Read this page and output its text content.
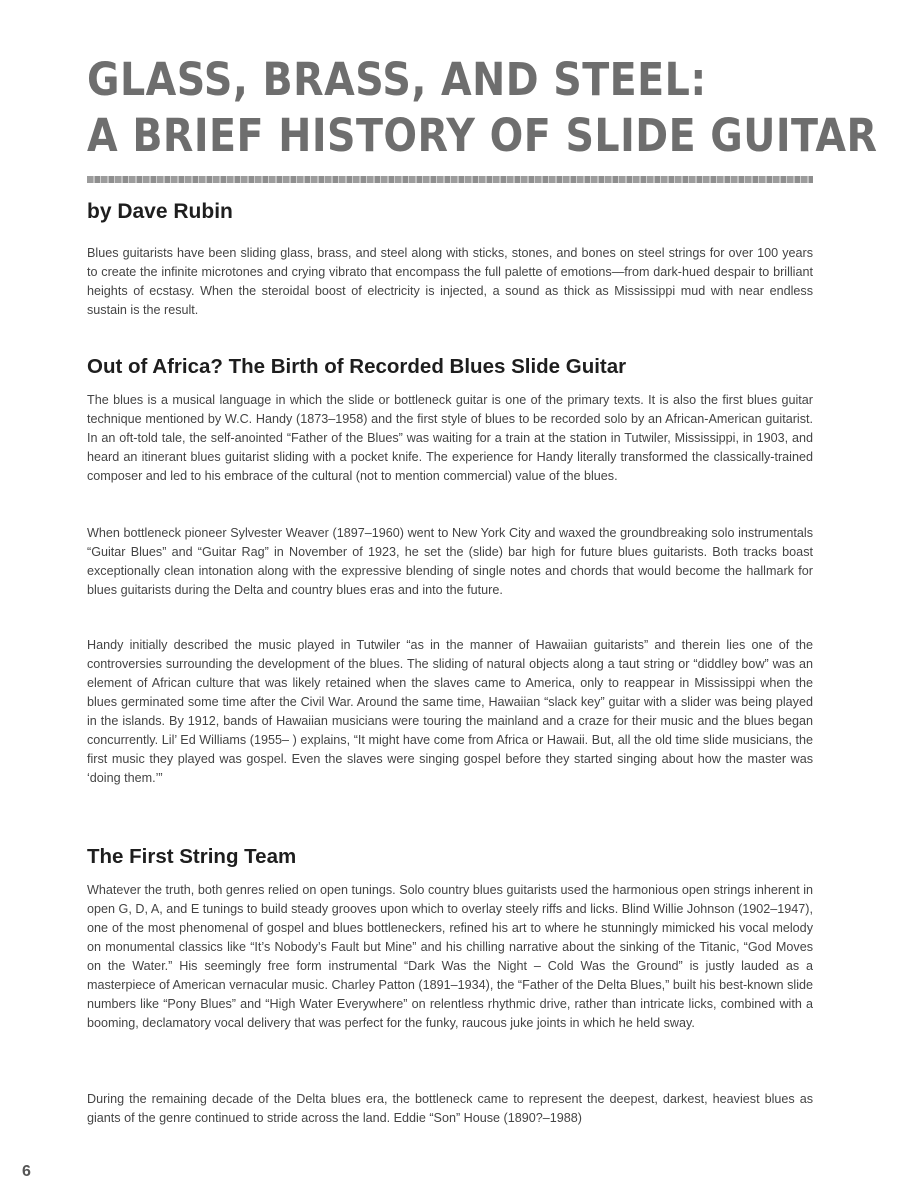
GLASS, BRASS, AND STEEL:
A BRIEF HISTORY OF SLIDE GUITAR
by Dave Rubin

Blues guitarists have been sliding glass, brass, and steel along with sticks, stones, and bones on steel strings for over 100 years to create the infinite microtones and crying vibrato that encompass the full palette of emotions—from dark-hued despair to brilliant heights of ecstasy. When the steroidal boost of electricity is injected, a sound as thick as Mississippi mud with near endless sustain is the result.

Out of Africa? The Birth of Recorded Blues Slide Guitar

The blues is a musical language in which the slide or bottleneck guitar is one of the primary texts. It is also the first blues guitar technique mentioned by W.C. Handy (1873–1958) and the first style of blues to be recorded solo by an African-American guitarist. In an oft-told tale, the self-anointed “Father of the Blues” was waiting for a train at the station in Tutwiler, Mississippi, in 1903, and heard an itinerant blues guitarist sliding with a pocket knife. The experience for Handy literally transformed the classically-trained composer and led to his embrace of the cultural (not to mention commercial) value of the blues.

When bottleneck pioneer Sylvester Weaver (1897–1960) went to New York City and waxed the groundbreaking solo instrumentals “Guitar Blues” and “Guitar Rag” in November of 1923, he set the (slide) bar high for future blues guitarists. Both tracks boast exceptionally clean intonation along with the expressive blending of single notes and chords that would become the hallmark for blues guitarists during the Delta and country blues eras and into the future.

Handy initially described the music played in Tutwiler “as in the manner of Hawaiian guitarists” and therein lies one of the controversies surrounding the development of the blues. The sliding of natural objects along a taut string or “diddley bow” was an element of African culture that was likely retained when the slaves came to America, only to reappear in Mississippi when the blues germinated some time after the Civil War. Around the same time, Hawaiian “slack key” guitar with a slider was being played in the islands. By 1912, bands of Hawaiian musicians were touring the mainland and a craze for their music and the blues began concurrently. Lil’ Ed Williams (1955– ) explains, “It might have come from Africa or Hawaii. But, all the old time slide musicians, the first music they played was gospel. Even the slaves were singing gospel before they started singing about how the master was ‘doing them.’”

The First String Team

Whatever the truth, both genres relied on open tunings. Solo country blues guitarists used the harmonious open strings inherent in open G, D, A, and E tunings to build steady grooves upon which to overlay steely riffs and licks. Blind Willie Johnson (1902–1947), one of the most phenomenal of gospel and blues bottleneckers, refined his art to where he stunningly mimicked his vocal melody on monumental classics like “It’s Nobody’s Fault but Mine” and his chilling narrative about the sinking of the Titanic, “God Moves on the Water.” His seemingly free form instrumental “Dark Was the Night – Cold Was the Ground” is justly lauded as a masterpiece of American vernacular music. Charley Patton (1891–1934), the “Father of the Delta Blues,” built his best-known slide numbers like “Pony Blues” and “High Water Everywhere” on relentless rhythmic drive, rather than intricate licks, combined with a booming, declamatory vocal delivery that was perfect for the funky, raucous juke joints in which he held sway.

During the remaining decade of the Delta blues era, the bottleneck came to represent the deepest, darkest, heaviest blues as giants of the genre continued to stride across the land. Eddie “Son” House (1890?–1988)

6
